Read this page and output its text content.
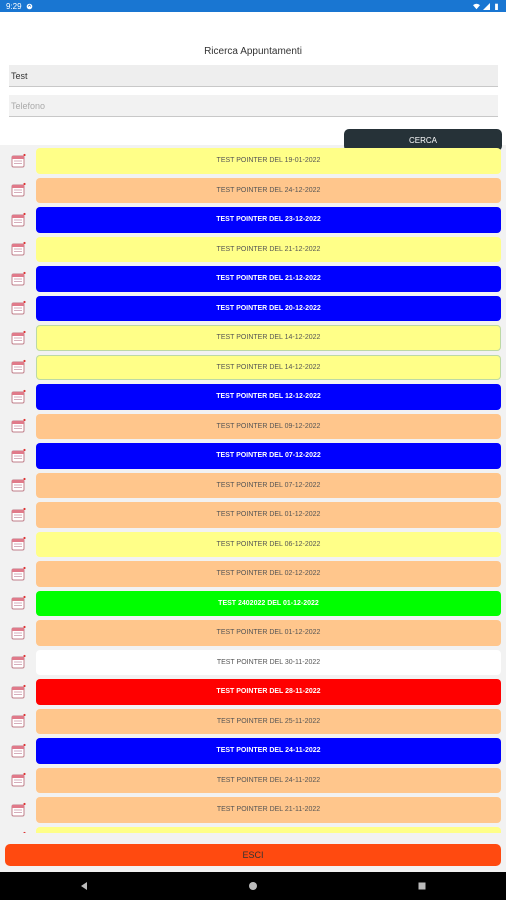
9:29
Ricerca Appuntamenti
Test
Telefono
CERCA
TEST POINTER DEL 19-01-2022
TEST POINTER DEL 24-12-2022
TEST POINTER DEL 23-12-2022
TEST POINTER DEL 21-12-2022
TEST POINTER DEL 21-12-2022
TEST POINTER DEL 20-12-2022
TEST POINTER DEL 14-12-2022
TEST POINTER DEL 14-12-2022
TEST POINTER DEL 12-12-2022
TEST POINTER DEL 09-12-2022
TEST POINTER DEL 07-12-2022
TEST POINTER DEL 07-12-2022
TEST POINTER DEL 01-12-2022
TEST POINTER DEL 06-12-2022
TEST POINTER DEL 02-12-2022
TEST 2402022 DEL 01-12-2022
TEST POINTER DEL 01-12-2022
TEST POINTER DEL 30-11-2022
TEST POINTER DEL 28-11-2022
TEST POINTER DEL 25-11-2022
TEST POINTER DEL 24-11-2022
TEST POINTER DEL 24-11-2022
TEST POINTER DEL 21-11-2022
ESCI
